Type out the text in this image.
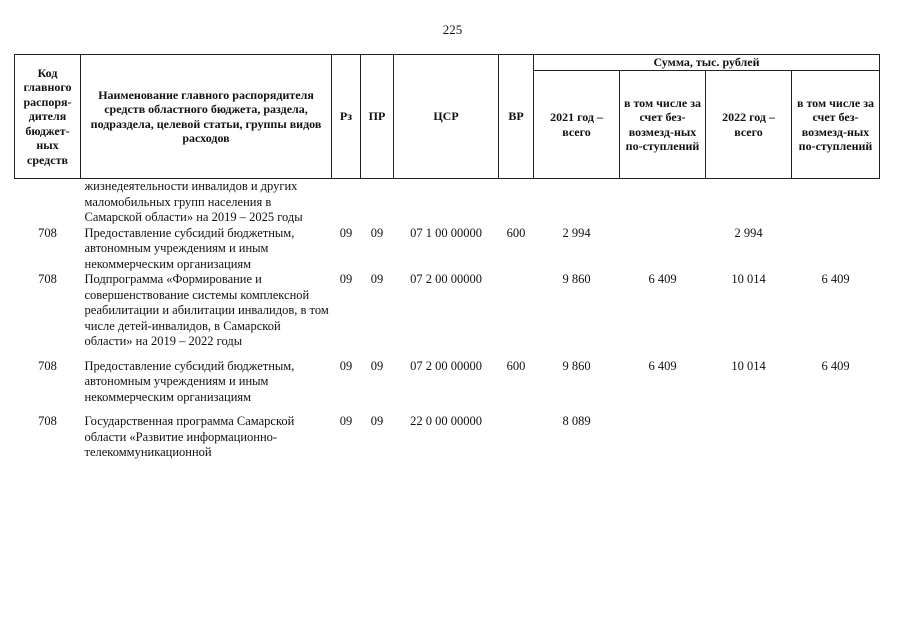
225
Код главного распоря-дителя бюджет-ных средств	Наименование главного распорядителя средств областного бюджета, раздела, подраздела, целевой статьи, группы видов расходов	Рз	ПР	ЦСР	ВР	Сумма, тыс. рублей			
						2021 год – всего	в том числе за счет без-возмезд-ных по-ступлений	2022 год – всего	в том числе за счет без-возмезд-ных по-ступлений
	жизнедеятельности инвалидов и других маломобильных групп населения в Самарской области» на 2019 – 2025 годы								
708	Предоставление субсидий бюджетным, автономным учреждениям и иным некоммерческим организациям	09	09	07 1 00 00000	600	2 994		2 994	
708	Подпрограмма «Формирование и совершенствование системы комплексной реабилитации и абилитации инвалидов, в том числе детей-инвалидов, в Самарской области» на 2019 – 2022 годы	09	09	07 2 00 00000		9 860	6 409	10 014	6 409

708	Предоставление субсидий бюджетным, автономным учреждениям и иным некоммерческим организациям	09	09	07 2 00 00000	600	9 860	6 409	10 014	6 409

708	Государственная программа Самарской области «Развитие информационно-телекоммуникационной	09	09	22 0 00 00000		8 089			
